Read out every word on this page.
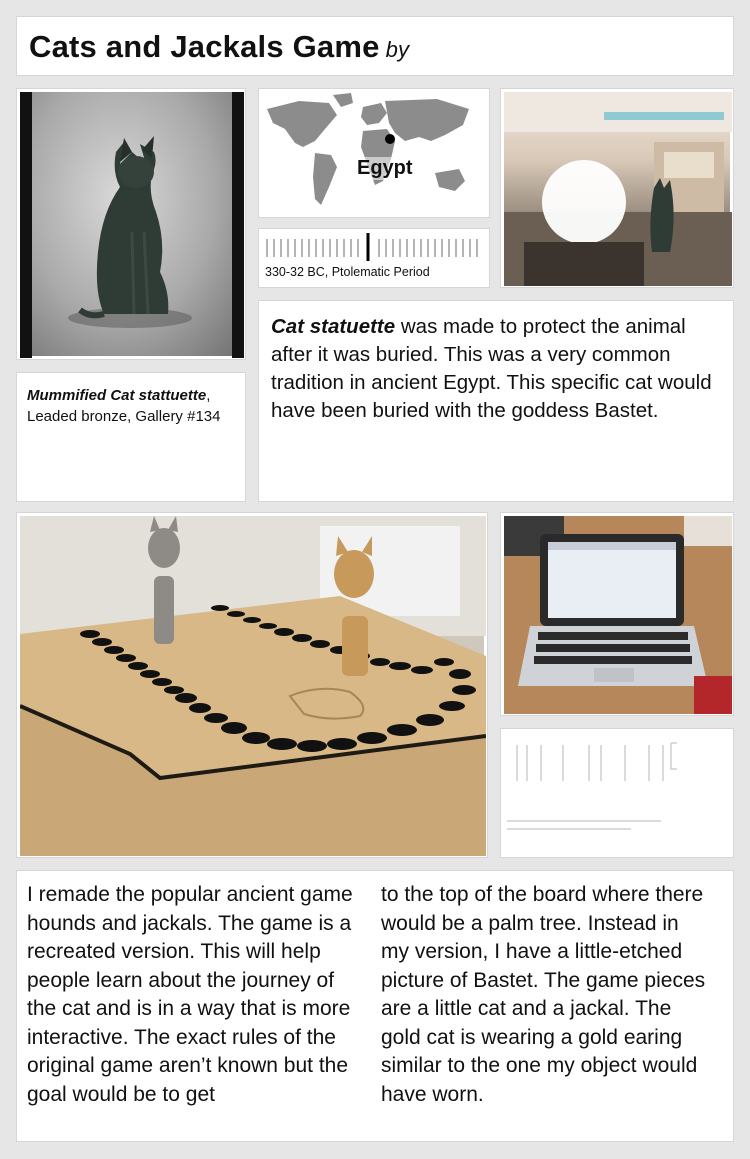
Cats and Jackals Game by
Egypt
330-32 BC, Ptolematic Period

Mummified Cat stattuette, Leaded bronze, Gallery #134

Cat statuette was made to protect the animal after it was buried. This was a very common tradition in ancient Egypt. This specific cat would have been buried with the goddess Bastet.

I remade the popular ancient game hounds and jackals. The game is a recreated version. This will help people learn about the journey of the cat and is in a way that is more interactive. The exact rules of the original game aren’t known but the goal would be to get

to the top of the board where there would be a palm tree. Instead in my version, I have a little-etched picture of Bastet. The game pieces are a little cat and a jackal. The gold cat is wearing a gold earing similar to the one my object would have worn.
